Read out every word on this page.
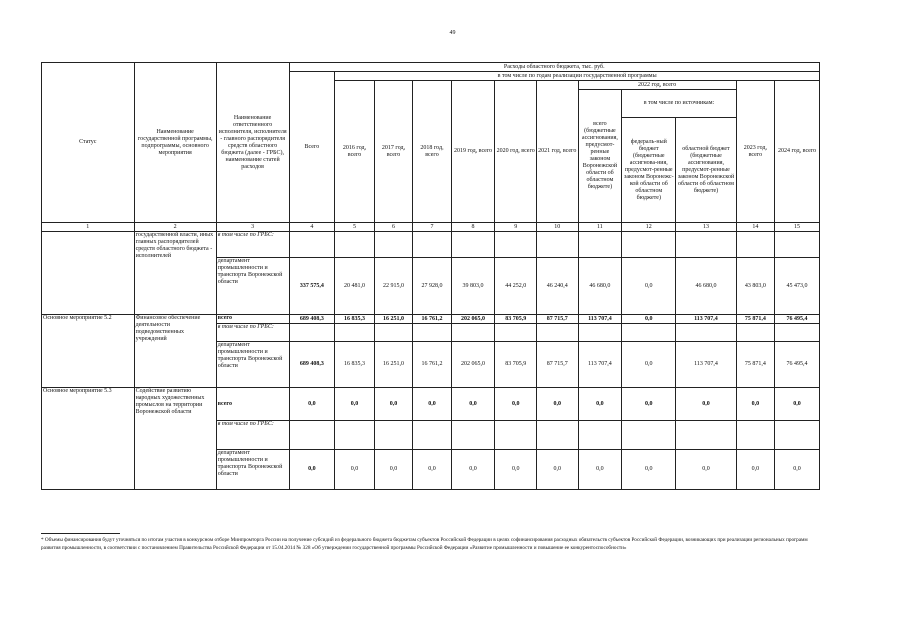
49
Статус	Наименование государственной программы, подпрограммы, основного мероприятия	Наименование ответственного исполнителя, исполнителя - главного распорядителя средств областного бюджета (далее - ГРБС), наименование статей расходов	Расходы областного бюджета, тыс. руб.											
			Всего	в том числе по годам реализации государственной программы										
				2016 год, всего	2017 год, всего	2018 год, всего	2019 год, всего	2020 год, всего	2021 год, всего	2022 год, всего			2023 год, всего	2024 год, всего
										всего (бюджетные ассигнования, предусмот-ренные законом Воронежской области об областном бюджете)	в том числе по источникам:			
											федераль-ный бюджет (бюджетные ассигнова-ния, предусмот-ренные законом Воронежс-кой области об областном бюджете)	областной бюджет (бюджетные ассигнования, предусмот-ренные законом Воронежской области об областном бюджете)		
1	2	3	4	5	6	7	8	9	10	11	12	13	14	15
	государственной власти, иных главных распорядителей средств областного бюджета - исполнителей	в том числе по ГРБС:												
		департамент промышленности и транспорта Воронежской области	337 575,4	20 481,0	22 915,0	27 928,0	39 803,0	44 252,0	46 240,4	46 680,0	0,0	46 680,0	43 803,0	45 473,0
Основное мероприятие 5.2	Финансовое обеспечение деятельности подведомственных учреждений	всего	689 408,3	16 835,3	16 251,0	16 761,2	202 065,0	83 705,9	87 715,7	113 707,4	0,0	113 707,4	75 871,4	76 495,4
		в том числе по ГРБС:												
		департамент промышленности и транспорта Воронежской области	689 408,3	16 835,3	16 251,0	16 761,2	202 065,0	83 705,9	87 715,7	113 707,4	0,0	113 707,4	75 871,4	76 495,4
Основное мероприятие 5.3	Содействие развитию народных художественных промыслов на территории Воронежской области	всего	0,0	0,0	0,0	0,0	0,0	0,0	0,0	0,0	0,0	0,0	0,0	0,0
		в том числе по ГРБС:												
		департамент промышленности и транспорта Воронежской области	0,0	0,0	0,0	0,0	0,0	0,0	0,0	0,0	0,0	0,0	0,0	0,0
* Объемы финансирования будут уточняться по итогам участия в конкурсном отборе Минпромторга России на получение субсидий из федерального бюджета бюджетам субъектов Российской Федерации в целях софинансирования расходных обязательств субъектов Российской Федерации, возникающих при реализации региональных программ развития промышленности, в соответствии с постановлением Правительства Российской Федерации от 15.04.2014 № 328 «Об утверждении государственной программы Российской Федерации «Развитие промышленности и повышение ее конкурентоспособности»
